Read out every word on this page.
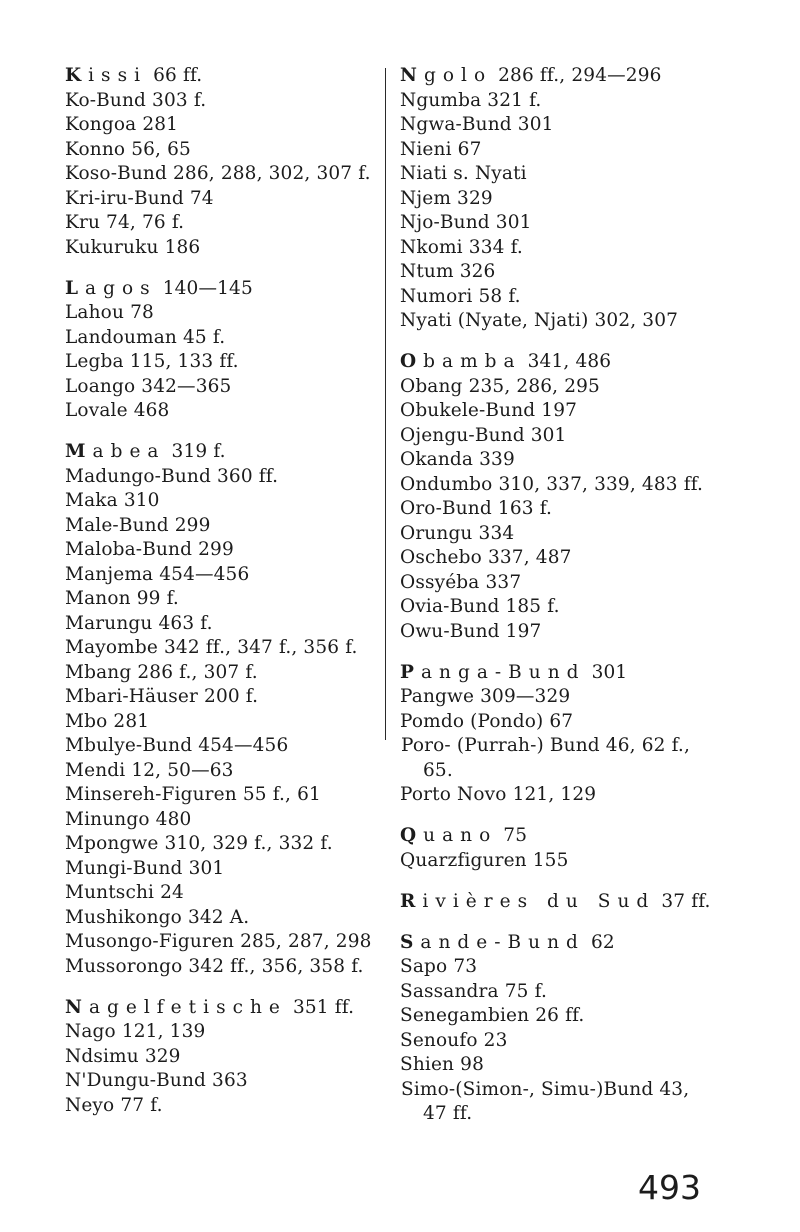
Kissi 66 ff.
Ko-Bund 303 f.
Kongoa 281
Konno 56, 65
Koso-Bund 286, 288, 302, 307 f.
Kri-iru-Bund 74
Kru 74, 76 f.
Kukuruku 186
Lagos 140—145
Lahou 78
Landouman 45 f.
Legba 115, 133 ff.
Loango 342—365
Lovale 468
Mabea 319 f.
Madungo-Bund 360 ff.
Maka 310
Male-Bund 299
Maloba-Bund 299
Manjema 454—456
Manon 99 f.
Marungu 463 f.
Mayombe 342 ff., 347 f., 356 f.
Mbang 286 f., 307 f.
Mbari-Häuser 200 f.
Mbo 281
Mbulye-Bund 454—456
Mendi 12, 50—63
Minsereh-Figuren 55 f., 61
Minungo 480
Mpongwe 310, 329 f., 332 f.
Mungi-Bund 301
Muntschi 24
Mushikongo 342 A.
Musongo-Figuren 285, 287, 298
Mussorongo 342 ff., 356, 358 f.
Nagelfetische 351 ff.
Nago 121, 139
Ndsimu 329
N'Dungu-Bund 363
Neyo 77 f.
Ngolo 286 ff., 294—296
Ngumba 321 f.
Ngwa-Bund 301
Nieni 67
Niati s. Nyati
Njem 329
Njo-Bund 301
Nkomi 334 f.
Ntum 326
Numori 58 f.
Nyati (Nyate, Njati) 302, 307
Obamba 341, 486
Obang 235, 286, 295
Obukele-Bund 197
Ojengu-Bund 301
Okanda 339
Ondumbo 310, 337, 339, 483 ff.
Oro-Bund 163 f.
Orungu 334
Oschebo 337, 487
Ossyéba 337
Ovia-Bund 185 f.
Owu-Bund 197
Panga-Bund 301
Pangwe 309—329
Pomdo (Pondo) 67
Poro- (Purrah-) Bund 46, 62 f.,
65.
Porto Novo 121, 129
Quano 75
Quarzfiguren 155
Rivières du Sud 37 ff.
Sande-Bund 62
Sapo 73
Sassandra 75 f.
Senegambien 26 ff.
Senoufo 23
Shien 98
Simo-(Simon-, Simu-)Bund 43,
47 ff.
493
